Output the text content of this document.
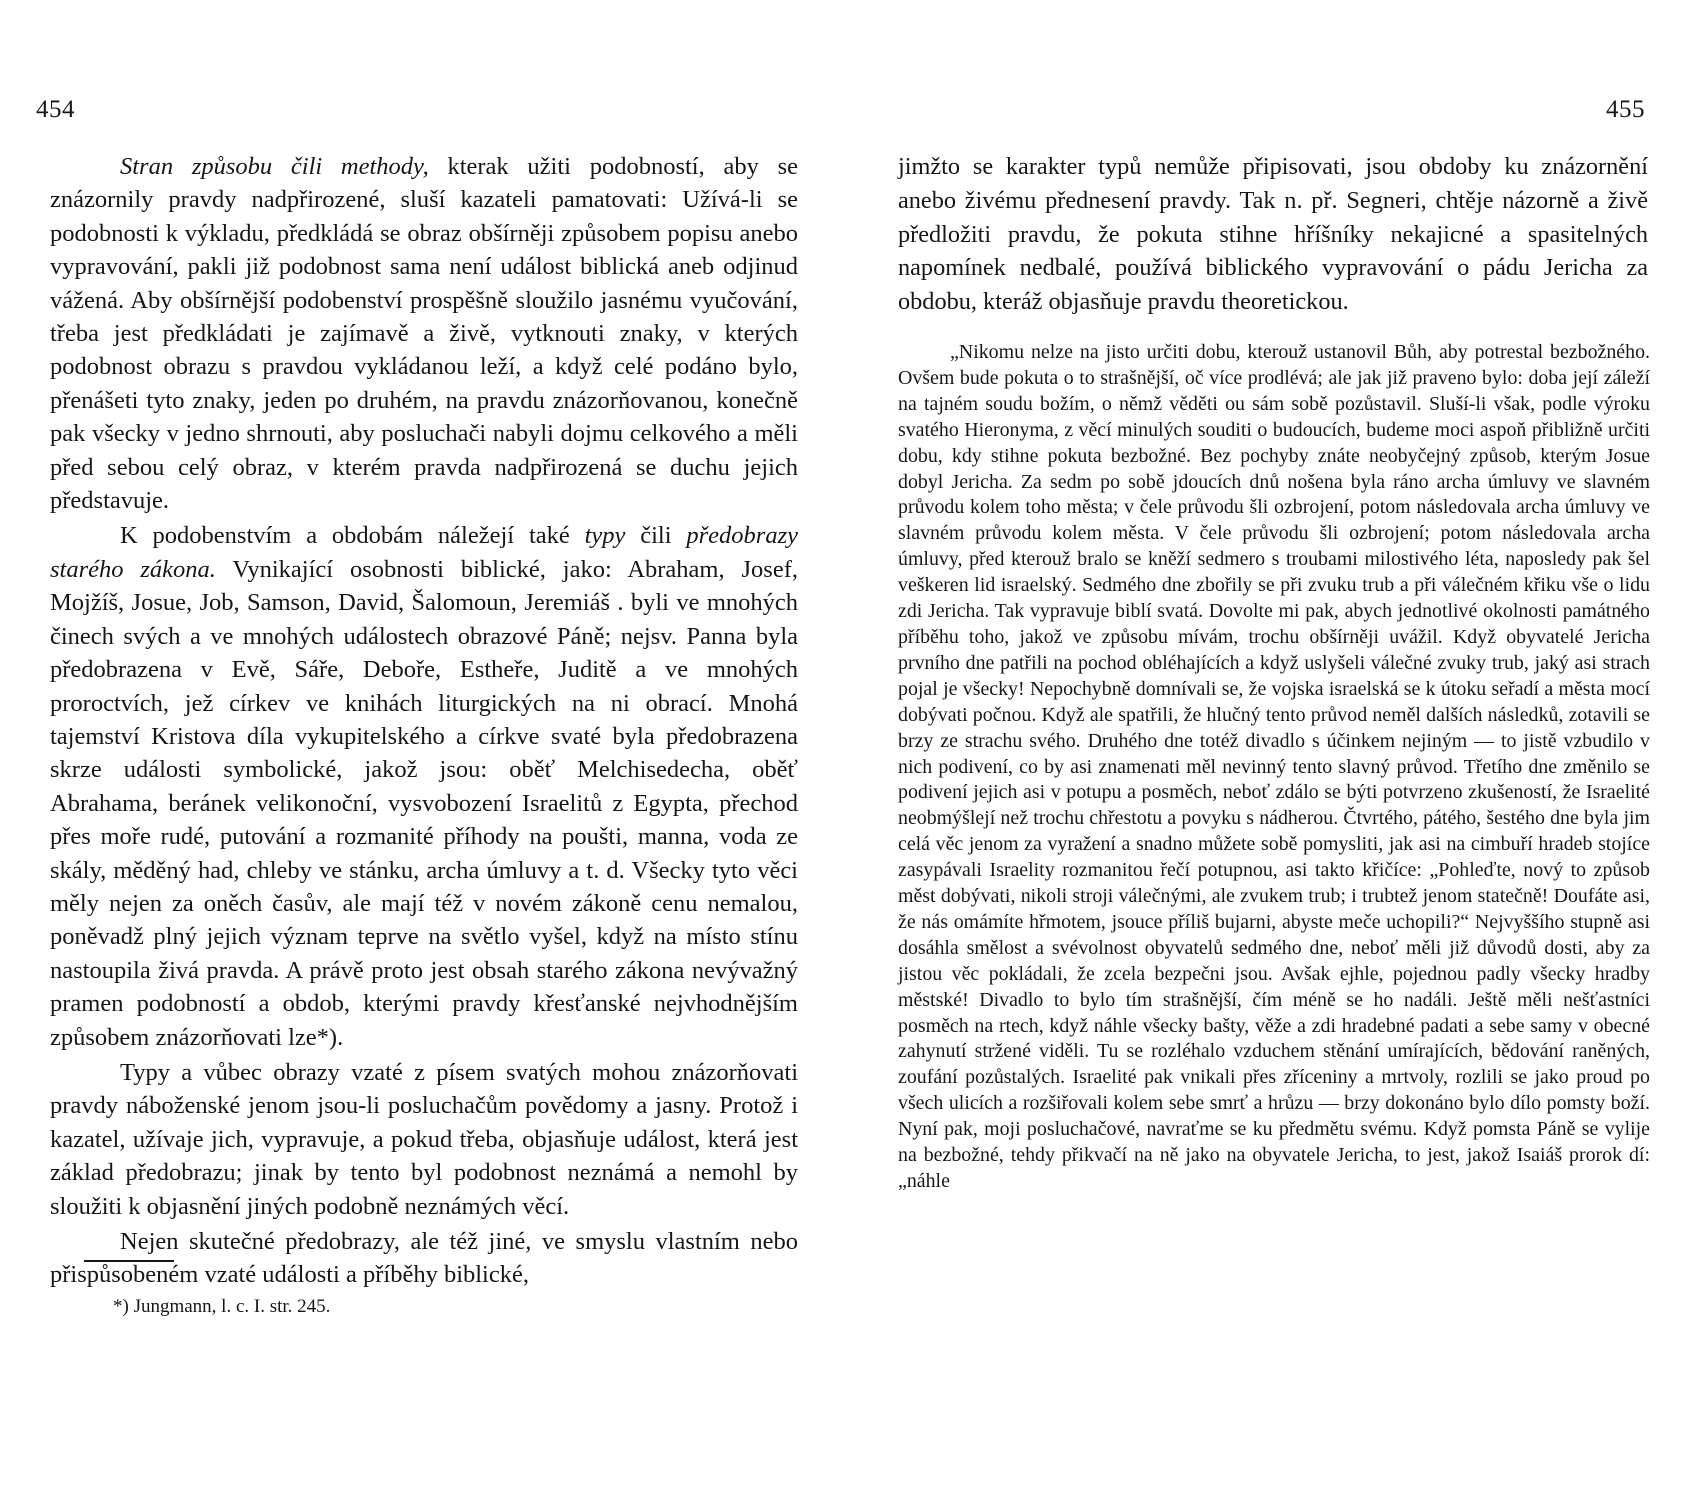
454

Stran způsobu čili methody, kterak užiti podobností, aby se znázornily pravdy nadpřirozené, sluší kazateli pamatovati: Užívá-li se podobnosti k výkladu, předkládá se obraz obšírněji způsobem popisu anebo vypravování, pakli již podobnost sama není událost biblická aneb odjinud vážená. Aby obšírnější podobenství prospěšně sloužilo jasnému vyučování, třeba jest předkládati je zajímavě a živě, vytknouti znaky, v kterých podobnost obrazu s pravdou vykládanou leží, a když celé podáno bylo, přenášeti tyto znaky, jeden po druhém, na pravdu znázorňovanou, konečně pak všecky v jedno shrnouti, aby posluchači nabyli dojmu celkového a měli před sebou celý obraz, v kterém pravda nadpřirozená se duchu jejich představuje.

K podobenstvím a obdobám náležejí také typy čili předobrazy starého zákona. Vynikající osobnosti biblické, jako: Abraham, Josef, Mojžíš, Josue, Job, Samson, David, Šalomoun, Jeremiáš . byli ve mnohých činech svých a ve mnohých událostech obrazové Páně; nejsv. Panna byla předobrazena v Evě, Sáře, Deboře, Estheře, Juditě a ve mnohých proroctvích, jež církev ve knihách liturgických na ni obrací. Mnohá tajemství Kristova díla vykupitelského a církve svaté byla předobrazena skrze události symbolické, jakož jsou: oběť Melchisedecha, oběť Abrahama, beránek velikonoční, vysvobození Israelitů z Egypta, přechod přes moře rudé, putování a rozmanité příhody na poušti, manna, voda ze skály, měděný had, chleby ve stánku, archa úmluvy a t. d. Všecky tyto věci měly nejen za oněch časův, ale mají též v novém zákoně cenu nemalou, poněvadž plný jejich význam teprve na světlo vyšel, když na místo stínu nastoupila živá pravda. A právě proto jest obsah starého zákona nevývažný pramen podobností a obdob, kterými pravdy křesťanské nejvhodnějším způsobem znázorňovati lze*).

Typy a vůbec obrazy vzaté z písem svatých mohou znázorňovati pravdy náboženské jenom jsou-li posluchačům povědomy a jasny. Protož i kazatel, užívaje jich, vypravuje, a pokud třeba, objasňuje událost, která jest základ předobrazu; jinak by tento byl podobnost neznámá a nemohl by sloužiti k objasnění jiných podobně neznámých věcí.

Nejen skutečné předobrazy, ale též jiné, ve smyslu vlastním nebo přispůsobeném vzaté události a příběhy biblické,

*) Jungmann, l. c. I. str. 245.
455

jimžto se karakter typů nemůže připisovati, jsou obdoby ku znázornění anebo živému přednesení pravdy. Tak n. př. Segneri, chtěje názorně a živě předložiti pravdu, že pokuta stihne hříšníky nekajicné a spasitelných napomínek nedbalé, používá biblického vypravování o pádu Jericha za obdobu, kteráž objasňuje pravdu theoretickou.

„Nikomu nelze na jisto určiti dobu, kterouž ustanovil Bůh, aby potrestal bezbožného. Ovšem bude pokuta o to strašnější, oč více prodlévá; ale jak již praveno bylo: doba její záleží na tajném soudu božím, o němž věděti ou sám sobě pozůstavil. Sluší-li však, podle výroku svatého Hieronyma, z věcí minulých souditi o budoucích, budeme moci aspoň přibližně určiti dobu, kdy stihne pokuta bezbožné. Bez pochyby znáte neobyčejný způsob, kterým Josue dobyl Jericha. Za sedm po sobě jdoucích dnů nošena byla ráno archa úmluvy ve slavném průvodu kolem toho města; v čele průvodu šli ozbrojení, potom následovala archa úmluvy ve slavném průvodu kolem města. V čele průvodu šli ozbrojení; potom následovala archa úmluvy, před kterouž bralo se kněží sedmero s troubami milostivého léta, naposledy pak šel veškeren lid israelský. Sedmého dne zbořily se při zvuku trub a při válečném křiku vše o lidu zdi Jericha. Tak vypravuje biblí svatá. Dovolte mi pak, abych jednotlivé okolnosti památného příběhu toho, jakož ve způsobu mívám, trochu obšírněji uvážil. Když obyvatelé Jericha prvního dne patřili na pochod obléhajících a když uslyšeli válečné zvuky trub, jaký asi strach pojal je všecky! Nepochybně domnívali se, že vojska israelská se k útoku seřadí a města mocí dobývati počnou. Když ale spatřili, že hlučný tento průvod neměl dalších následků, zotavili se brzy ze strachu svého. Druhého dne totéž divadlo s účinkem nejiným — to jistě vzbudilo v nich podivení, co by asi znamenati měl nevinný tento slavný průvod. Třetího dne změnilo se podivení jejich asi v potupu a posměch, neboť zdálo se býti potvrzeno zkušeností, že Israelité neobmýšlejí než trochu chřestotu a povyku s nádherou. Čtvrtého, pátého, šestého dne byla jim celá věc jenom za vyražení a snadno můžete sobě pomysliti, jak asi na cimbuří hradeb stojíce zasypávali Israelity rozmanitou řečí potupnou, asi takto křičíce: „Pohleďte, nový to způsob měst dobývati, nikoli stroji válečnými, ale zvukem trub; i trubtež jenom statečně! Doufáte asi, že nás omámíte hřmotem, jsouce příliš bujarni, abyste meče uchopili?“ Nejvyššího stupně asi dosáhla smělost a svévolnost obyvatelů sedmého dne, neboť měli již důvodů dosti, aby za jistou věc pokládali, že zcela bezpečni jsou. Avšak ejhle, pojednou padly všecky hradby městské! Divadlo to bylo tím strašnější, čím méně se ho nadáli. Ještě měli nešťastníci posměch na rtech, když náhle všecky bašty, věže a zdi hradebné padati a sebe samy v obecné zahynutí stržené viděli. Tu se rozléhalo vzduchem stěnání umírajících, bědování raněných, zoufání pozůstalých. Israelité pak vnikali přes zříceniny a mrtvoly, rozlili se jako proud po všech ulicích a rozšiřovali kolem sebe smrť a hrůzu — brzy dokonáno bylo dílo pomsty boží. Nyní pak, moji posluchačové, navraťme se ku předmětu svému. Když pomsta Páně se vylije na bezbožné, tehdy přikvačí na ně jako na obyvatele Jericha, to jest, jakož Isaiáš prorok dí: „náhle
